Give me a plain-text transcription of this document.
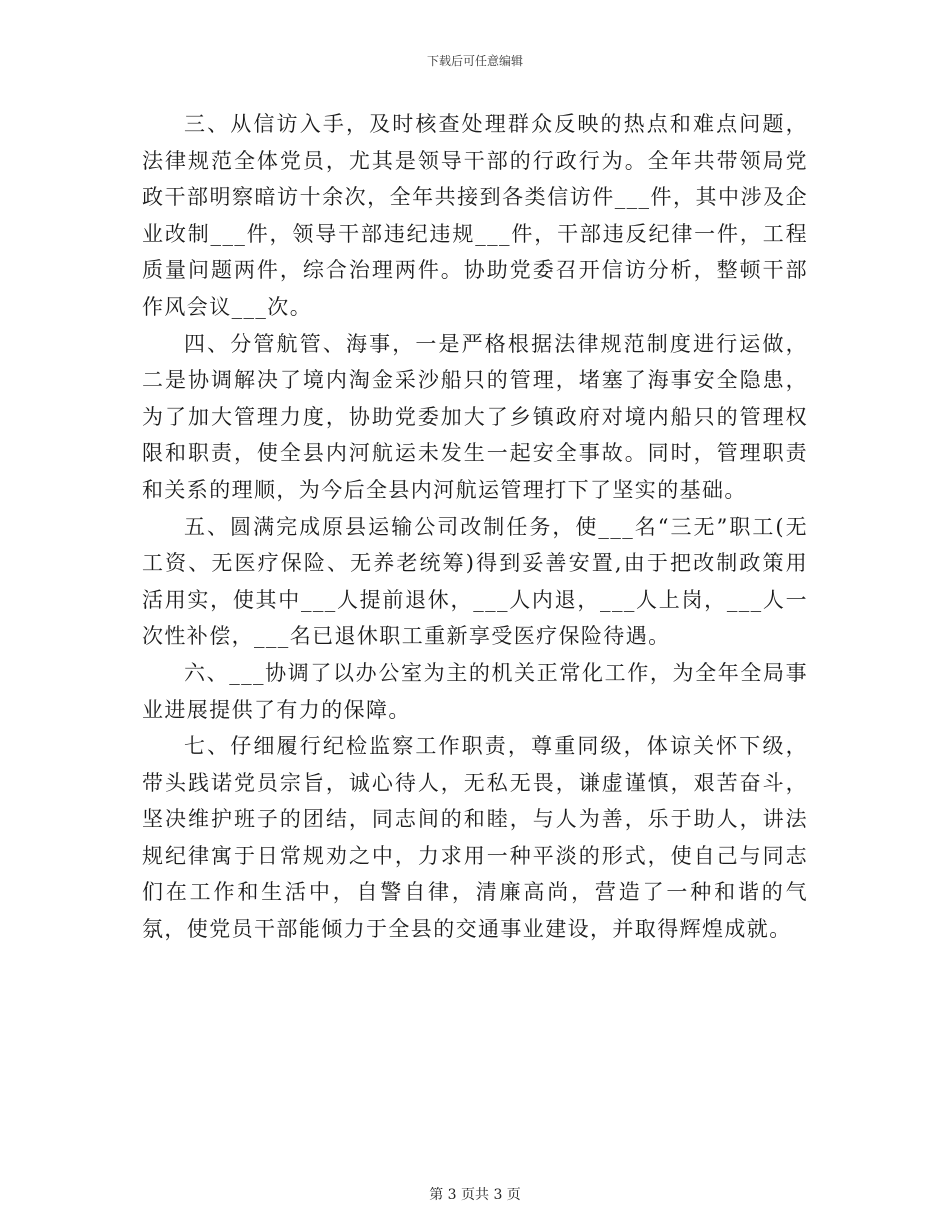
下载后可任意编辑

三、从信访入手，及时核查处理群众反映的热点和难点问题，法律规范全体党员，尤其是领导干部的行政行为。全年共带领局党政干部明察暗访十余次，全年共接到各类信访件___件，其中涉及企业改制___件，领导干部违纪违规___件，干部违反纪律一件，工程质量问题两件，综合治理两件。协助党委召开信访分析，整顿干部作风会议___次。

四、分管航管、海事，一是严格根据法律规范制度进行运做，二是协调解决了境内淘金采沙船只的管理，堵塞了海事安全隐患，为了加大管理力度，协助党委加大了乡镇政府对境内船只的管理权限和职责，使全县内河航运未发生一起安全事故。同时，管理职责和关系的理顺，为今后全县内河航运管理打下了坚实的基础。

五、圆满完成原县运输公司改制任务，使___名“三无”职工(无工资、无医疗保险、无养老统筹)得到妥善安置,由于把改制政策用活用实，使其中___人提前退休，___人内退，___人上岗，___人一次性补偿，___名已退休职工重新享受医疗保险待遇。

六、___协调了以办公室为主的机关正常化工作，为全年全局事业进展提供了有力的保障。

七、仔细履行纪检监察工作职责，尊重同级，体谅关怀下级，带头践诺党员宗旨，诚心待人，无私无畏，谦虚谨慎，艰苦奋斗，坚决维护班子的团结，同志间的和睦，与人为善，乐于助人，讲法规纪律寓于日常规劝之中，力求用一种平淡的形式，使自己与同志们在工作和生活中，自警自律，清廉高尚，营造了一种和谐的气氛，使党员干部能倾力于全县的交通事业建设，并取得辉煌成就。

第 3 页共 3 页
